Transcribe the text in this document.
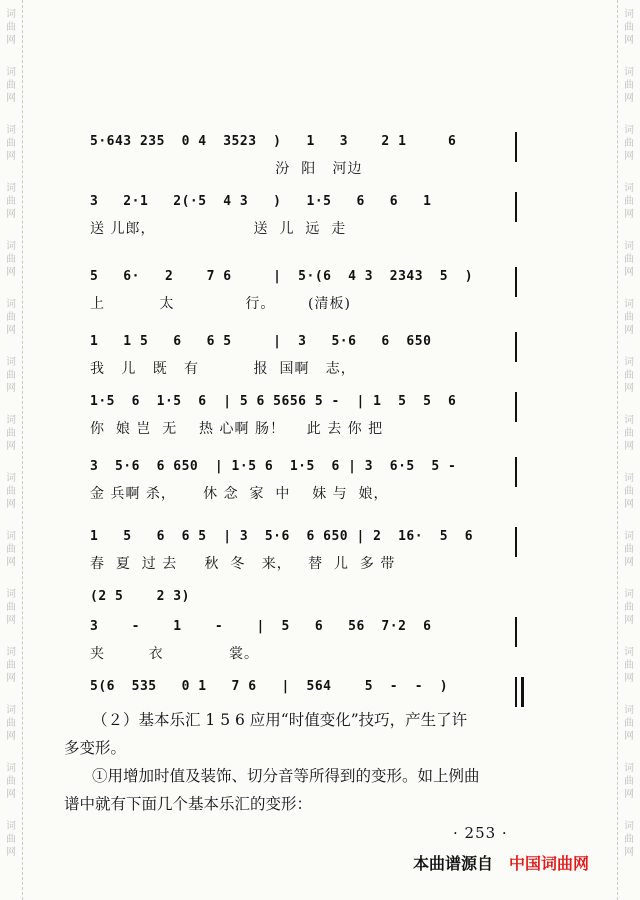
词
曲
网
词
曲
网
词
曲
网
词
曲
网
词
曲
网
词
曲
网
词
曲
网
词
曲
网
词
曲
网
词
曲
网
词
曲
网
词
曲
网
词
曲
网
词
曲
网
词
曲
网
词
曲
网
词
曲
网
词
曲
网
词
曲
网
词
曲
网
词
曲
网
词
曲
网
词
曲
网
词
曲
网
词
曲
网
词
曲
网
词
曲
网
词
曲
网
词
曲
网
词
曲
网
5·643 235  0 4  3523  )   1   3    2 1     6
汾  阳   河边
3   2·1   2(·5  4 3   )   1·5   6   6   1
送 儿郎，                  送  儿  远  走
5   6·   2    7 6     |  5·(6  4 3  2343  5  )
上          太             行。      (清板)
1   1 5   6   6 5     |  3   5·6   6  650
我   儿   既   有          报  国啊   志，
1·5  6  1·5  6  | 5 6 5656 5 -  | 1  5  5  6
你  娘 岂  无    热 心啊 肠！    此 去 你 把
3  5·6  6 650  | 1·5 6  1·5  6 | 3  6·5  5 -
金 兵啊 杀，     休 念  家  中    妹 与  娘，
1   5   6  6 5  | 3  5·6  6 650 | 2  16·  5  6
春  夏  过 去     秋  冬   来，   替  儿  多 带
(2 5    2 3)
3    -    1    -    |  5   6   56  7·2  6
夹        衣            裳。
5(6  535   0 1   7 6   |  564    5  -  -  )
（２）基本乐汇 1 5 6 应用“时值变化”技巧，产生了许
多变形。
①用增加时值及装饰、切分音等所得到的变形。如上例曲
谱中就有下面几个基本乐汇的变形：
· 253 ·
本曲谱源自 中国词曲网
